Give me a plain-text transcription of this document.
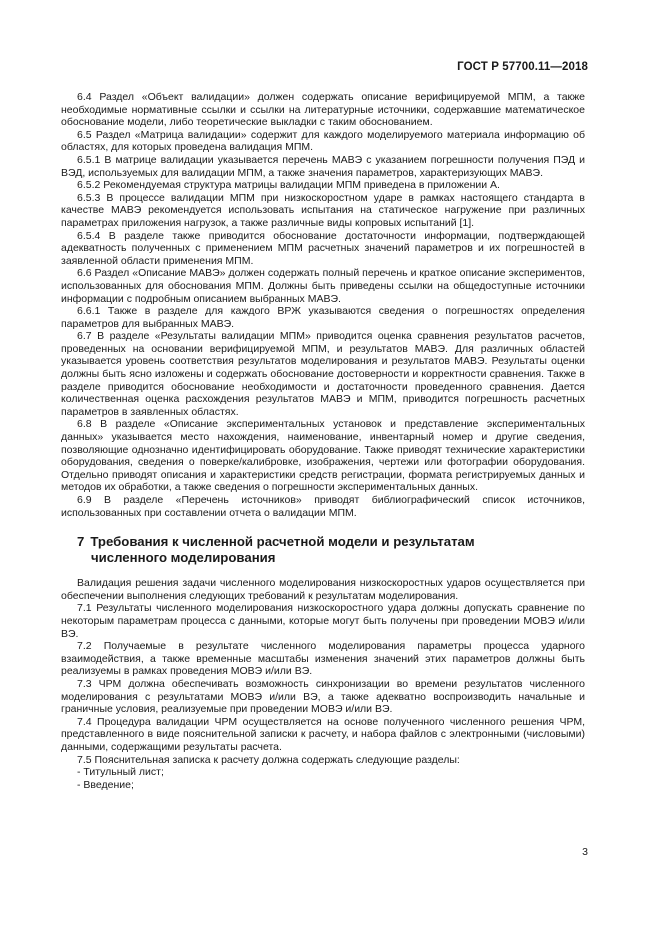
ГОСТ Р 57700.11—2018

6.4 Раздел «Объект валидации» должен содержать описание верифицируемой МПМ, а также необходимые нормативные ссылки и ссылки на литературные источники, содержавшие математическое обоснование модели, либо теоретические выкладки с таким обоснованием.

6.5 Раздел «Матрица валидации» содержит для каждого моделируемого материала информацию об областях, для которых проведена валидация МПМ.

6.5.1 В матрице валидации указывается перечень МАВЭ с указанием погрешности получения ПЭД и ВЭД, используемых для валидации МПМ, а также значения параметров, характеризующих МАВЭ.

6.5.2 Рекомендуемая структура матрицы валидации МПМ приведена в приложении А.

6.5.3 В процессе валидации МПМ при низкоскоростном ударе в рамках настоящего стандарта в качестве МАВЭ рекомендуется использовать испытания на статическое нагружение при различных параметрах приложения нагрузок, а также различные виды копровых испытаний [1].

6.5.4 В разделе также приводится обоснование достаточности информации, подтверждающей адекватность полученных с применением МПМ расчетных значений параметров и их погрешностей в заявленной области применения МПМ.

6.6 Раздел «Описание МАВЭ» должен содержать полный перечень и краткое описание экспериментов, использованных для обоснования МПМ. Должны быть приведены ссылки на общедоступные источники информации с подробным описанием выбранных МАВЭ.

6.6.1 Также в разделе для каждого ВРЖ указываются сведения о погрешностях определения параметров для выбранных МАВЭ.

6.7 В разделе «Результаты валидации МПМ» приводится оценка сравнения результатов расчетов, проведенных на основании верифицируемой МПМ, и результатов МАВЭ. Для различных областей указывается уровень соответствия результатов моделирования и результатов МАВЭ. Результаты оценки должны быть ясно изложены и содержать обоснование достоверности и корректности сравнения. Также в разделе приводится обоснование необходимости и достаточности проведенного сравнения. Дается количественная оценка расхождения результатов МАВЭ и МПМ, приводится погрешность расчетных параметров в заявленных областях.

6.8 В разделе «Описание экспериментальных установок и представление экспериментальных данных» указывается место нахождения, наименование, инвентарный номер и другие сведения, позволяющие однозначно идентифицировать оборудование. Также приводят технические характеристики оборудования, сведения о поверке/калибровке, изображения, чертежи или фотографии оборудования. Отдельно приводят описания и характеристики средств регистрации, формата регистрируемых данных и методов их обработки, а также сведения о погрешности экспериментальных данных.

6.9 В разделе «Перечень источников» приводят библиографический список источников, использованных при составлении отчета о валидации МПМ.

7 Требования к численной расчетной модели и результатам
численного моделирования

Валидация решения задачи численного моделирования низкоскоростных ударов осуществляется при обеспечении выполнения следующих требований к результатам моделирования.

7.1 Результаты численного моделирования низкоскоростного удара должны допускать сравнение по некоторым параметрам процесса с данными, которые могут быть получены при проведении МОВЭ и/или ВЭ.

7.2 Получаемые в результате численного моделирования параметры процесса ударного взаимодействия, а также временные масштабы изменения значений этих параметров должны быть реализуемы в рамках проведения МОВЭ и/или ВЭ.

7.3 ЧРМ должна обеспечивать возможность синхронизации во времени результатов численного моделирования с результатами МОВЭ и/или ВЭ, а также адекватно воспроизводить начальные и граничные условия, реализуемые при проведении МОВЭ и/или ВЭ.

7.4 Процедура валидации ЧРМ осуществляется на основе полученного численного решения ЧРМ, представленного в виде пояснительной записки к расчету, и набора файлов с электронными (числовыми) данными, содержащими результаты расчета.

7.5 Пояснительная записка к расчету должна содержать следующие разделы:

- Титульный лист;

- Введение;

3
